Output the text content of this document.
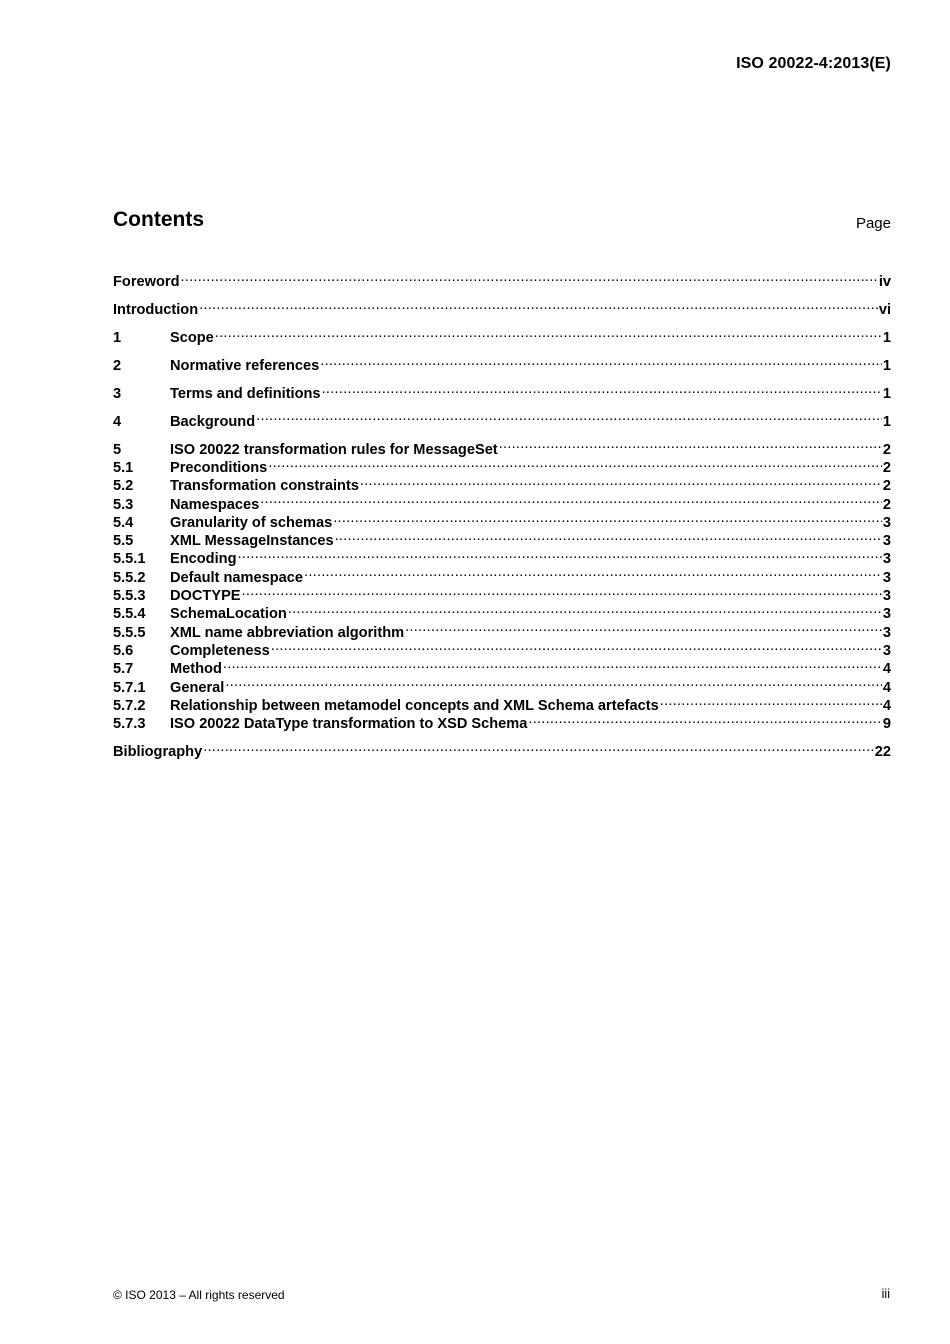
ISO 20022-4:2013(E)
Contents	Page
Foreword .....	iv
Introduction .....	vi
1	Scope .....	1
2	Normative references .....	1
3	Terms and definitions .....	1
4	Background .....	1
5	ISO 20022 transformation rules for MessageSet .....	2
5.1	Preconditions .....	2
5.2	Transformation constraints .....	2
5.3	Namespaces .....	2
5.4	Granularity of schemas .....	3
5.5	XML MessageInstances .....	3
5.5.1	Encoding .....	3
5.5.2	Default namespace .....	3
5.5.3	DOCTYPE .....	3
5.5.4	SchemaLocation .....	3
5.5.5	XML name abbreviation algorithm .....	3
5.6	Completeness .....	3
5.7	Method .....	4
5.7.1	General .....	4
5.7.2	Relationship between metamodel concepts and XML Schema artefacts .....	4
5.7.3	ISO 20022 DataType transformation to XSD Schema .....	9
Bibliography .....	22
© ISO 2013 – All rights reserved	iii
